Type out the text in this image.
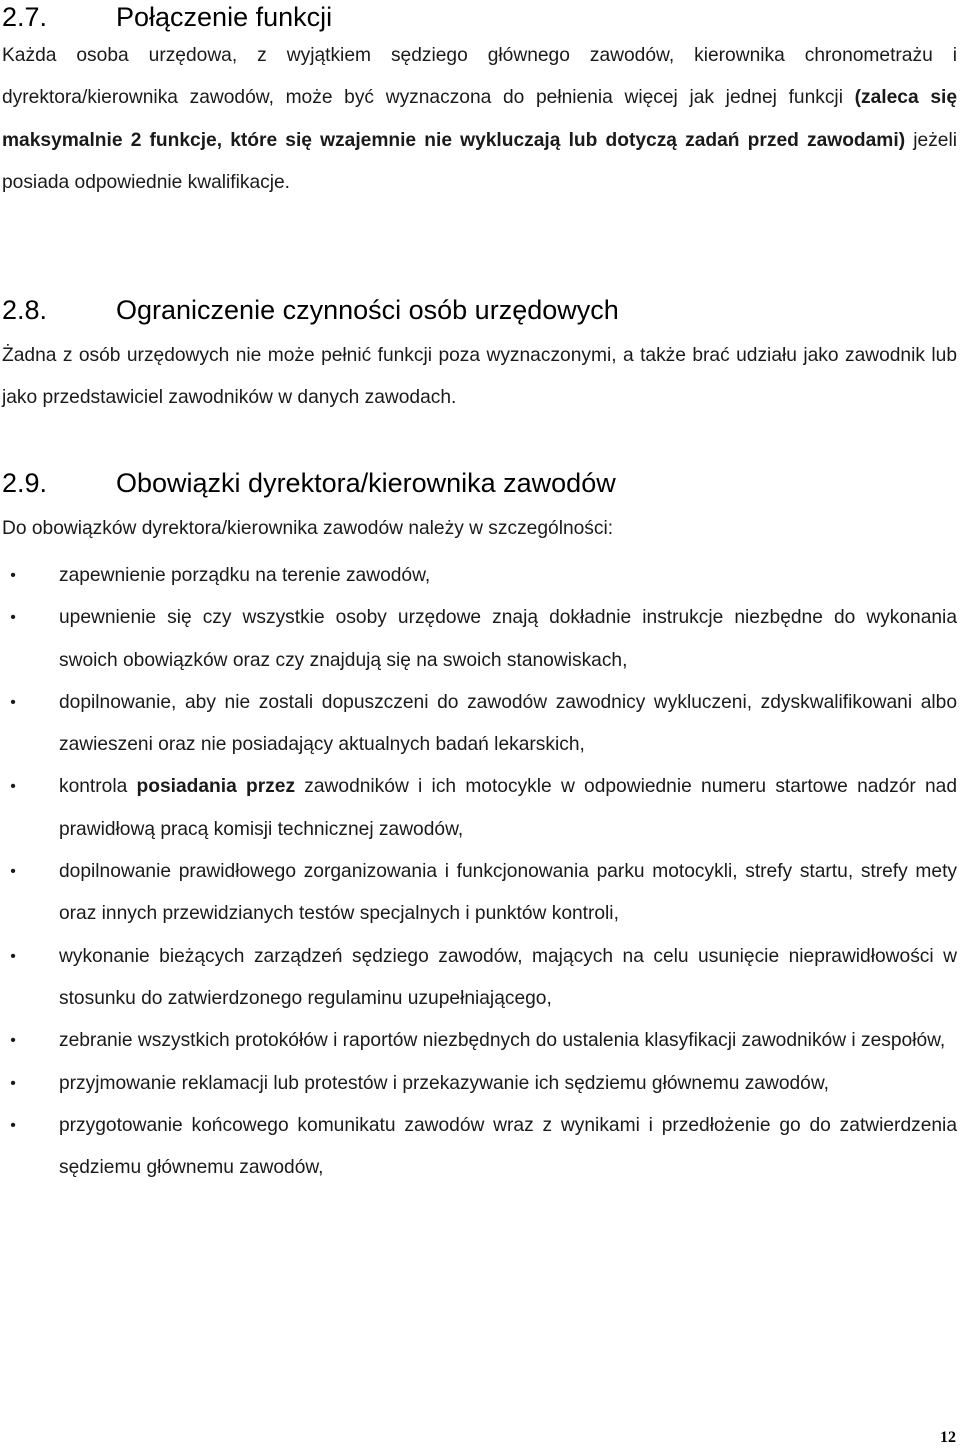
2.7.	Połączenie funkcji

Każda osoba urzędowa, z wyjątkiem sędziego głównego zawodów, kierownika chronometrażu i dyrektora/kierownika zawodów, może być wyznaczona do pełnienia więcej jak jednej funkcji (zaleca się maksymalnie 2 funkcje, które się wzajemnie nie wykluczają lub dotyczą zadań przed zawodami) jeżeli posiada odpowiednie kwalifikacje.

2.8.	Ograniczenie czynności osób urzędowych

Żadna z osób urzędowych nie może pełnić funkcji poza wyznaczonymi, a także brać udziału jako zawodnik lub jako przedstawiciel zawodników w danych zawodach.

2.9.	Obowiązki dyrektora/kierownika zawodów

Do obowiązków dyrektora/kierownika zawodów należy w szczególności:

•	zapewnienie porządku na terenie zawodów,
•	upewnienie się czy wszystkie osoby urzędowe znają dokładnie instrukcje niezbędne do wykonania swoich obowiązków oraz czy znajdują się na swoich stanowiskach,
•	dopilnowanie, aby nie zostali dopuszczeni do zawodów zawodnicy wykluczeni, zdyskwalifikowani albo zawieszeni oraz nie posiadający aktualnych badań lekarskich,
•	kontrola posiadania przez zawodników i ich motocykle w odpowiednie numeru startowe nadzór nad prawidłową pracą komisji technicznej zawodów,
•	dopilnowanie prawidłowego zorganizowania i funkcjonowania parku motocykli, strefy startu, strefy mety oraz innych przewidzianych testów specjalnych i punktów kontroli,
•	wykonanie bieżących zarządzeń sędziego zawodów, mających na celu usunięcie nieprawidłowości w stosunku do zatwierdzonego regulaminu uzupełniającego,
•	zebranie wszystkich protokółów i raportów niezbędnych do ustalenia klasyfikacji zawodników i zespołów,
•	przyjmowanie reklamacji lub protestów i przekazywanie ich sędziemu głównemu zawodów,
•	przygotowanie końcowego komunikatu zawodów wraz z wynikami i przedłożenie go do zatwierdzenia sędziemu głównemu zawodów,
12
